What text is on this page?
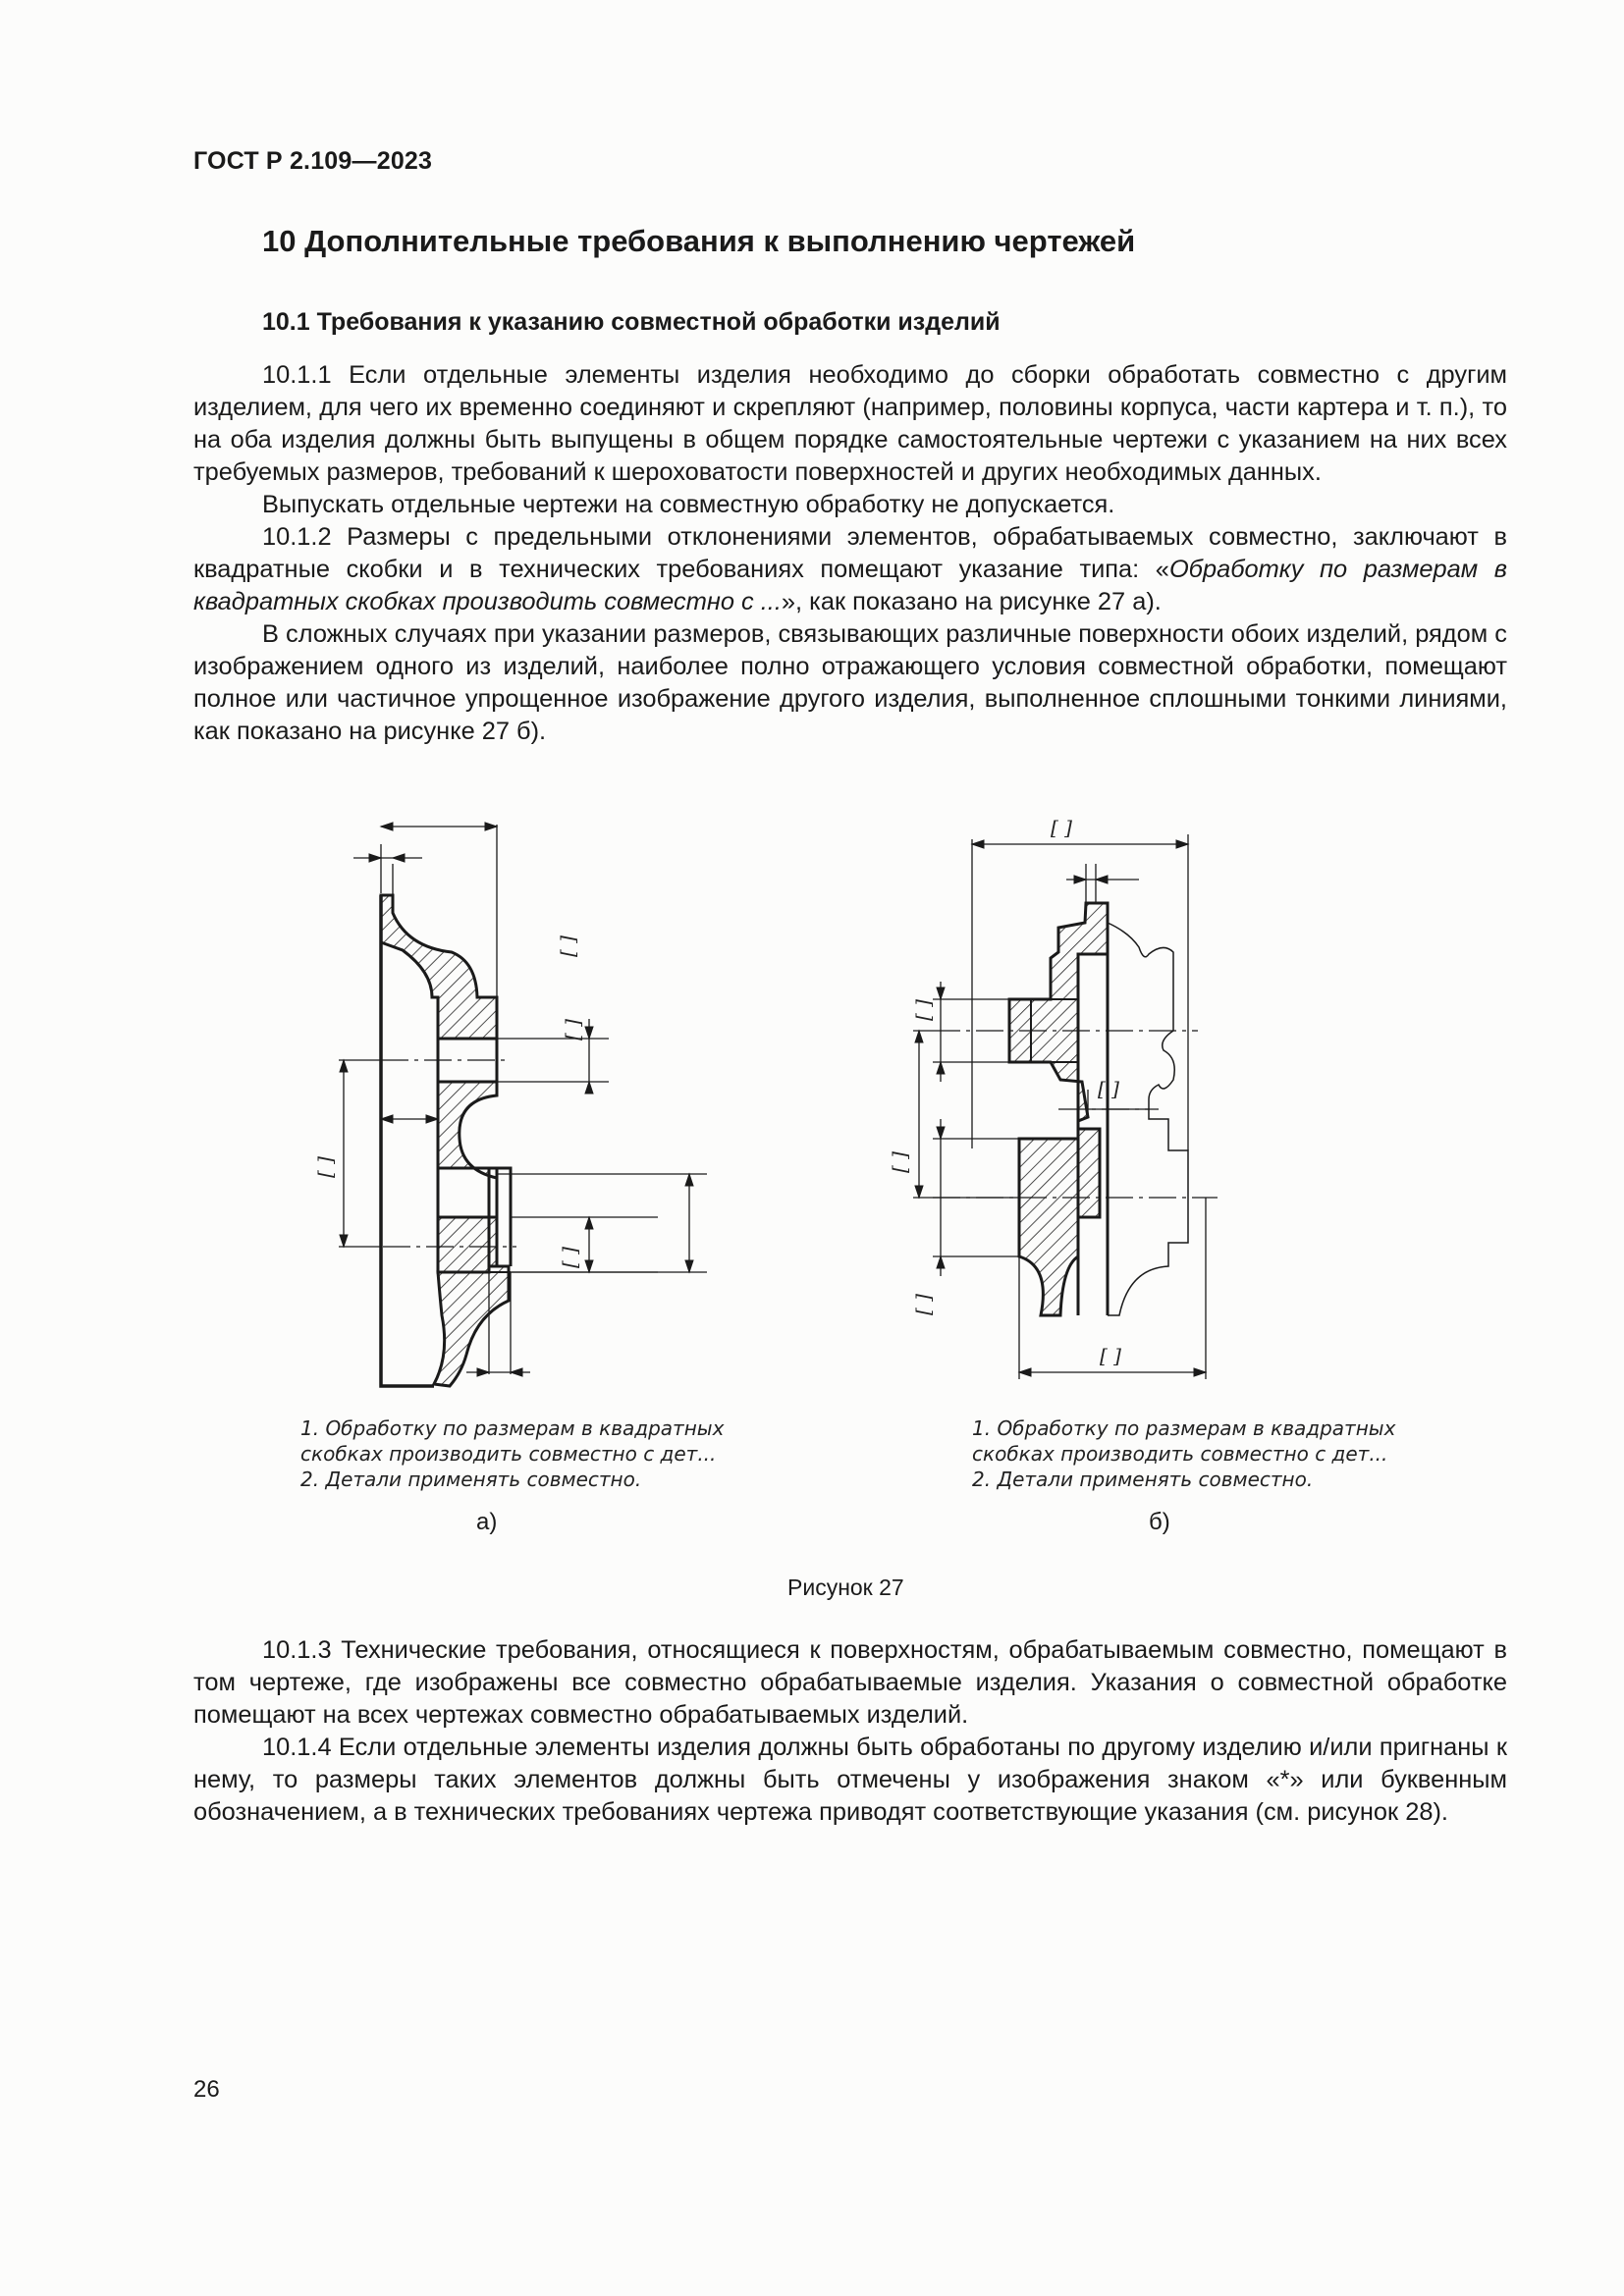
ГОСТ Р 2.109—2023
10 Дополнительные требования к выполнению чертежей
10.1 Требования к указанию совместной обработки изделий

10.1.1 Если отдельные элементы изделия необходимо до сборки обработать совместно с другим изделием, для чего их временно соединяют и скрепляют (например, половины корпуса, части картера и т. п.), то на оба изделия должны быть выпущены в общем порядке самостоятельные чертежи с указанием на них всех требуемых размеров, требований к шероховатости поверхностей и других необходимых данных.

Выпускать отдельные чертежи на совместную обработку не допускается.

10.1.2 Размеры с предельными отклонениями элементов, обрабатываемых совместно, заключают в квадратные скобки и в технических требованиях помещают указание типа: «Обработку по размерам в квадратных скобках производить совместно с ...», как показано на рисунке 27 а).

В сложных случаях при указании размеров, связывающих различные поверхности обоих изделий, рядом с изображением одного из изделий, наиболее полно отражающего условия совместной обработки, помещают полное или частичное упрощенное изображение другого изделия, выполненное сплошными тонкими линиями, как показано на рисунке 27 б).

[ ]
[ ]
[ ]
[ ]
[ ]
[ ]
[ ]
[ ]
[ ]
[ ]
1. Обработку по размерам в квадратных
скобках производить совместно с дет...
2. Детали применять совместно.
1. Обработку по размерам в квадратных
скобках производить совместно с дет...
2. Детали применять совместно.
а)	б)
Рисунок 27

10.1.3 Технические требования, относящиеся к поверхностям, обрабатываемым совместно, помещают в том чертеже, где изображены все совместно обрабатываемые изделия. Указания о совместной обработке помещают на всех чертежах совместно обрабатываемых изделий.

10.1.4 Если отдельные элементы изделия должны быть обработаны по другому изделию и/или пригнаны к нему, то размеры таких элементов должны быть отмечены у изображения знаком «*» или буквенным обозначением, а в технических требованиях чертежа приводят соответствующие указания (см. рисунок 28).

26
